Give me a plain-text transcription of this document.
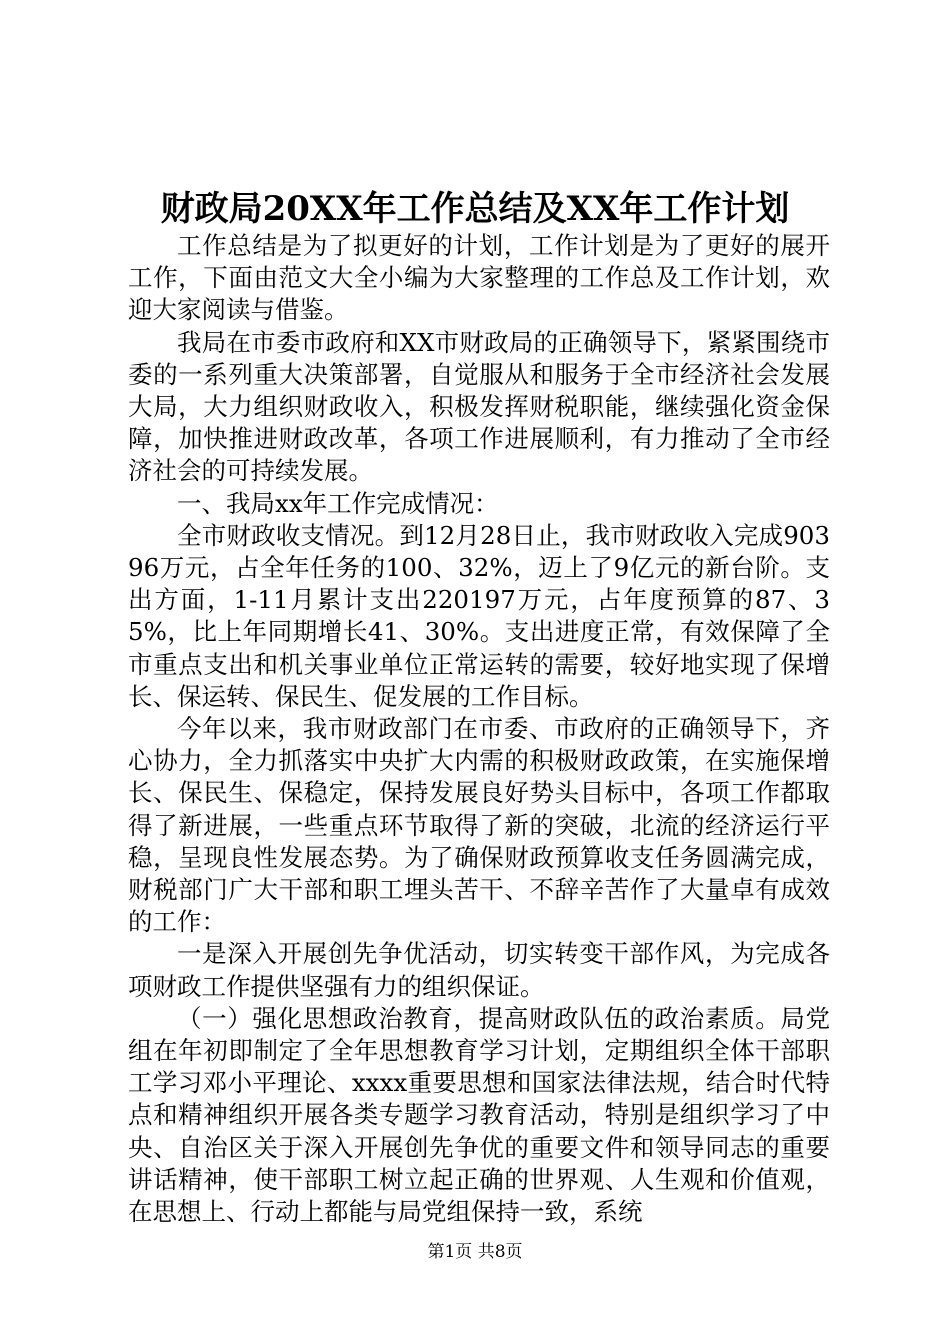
财政局20XX年工作总结及XX年工作计划

工作总结是为了拟更好的计划，工作计划是为了更好的展开工作，下面由范文大全小编为大家整理的工作总及工作计划，欢迎大家阅读与借鉴。

我局在市委市政府和XX市财政局的正确领导下，紧紧围绕市委的一系列重大决策部署，自觉服从和服务于全市经济社会发展大局，大力组织财政收入，积极发挥财税职能，继续强化资金保障，加快推进财政改革，各项工作进展顺利，有力推动了全市经济社会的可持续发展。

一、我局xx年工作完成情况：

全市财政收支情况。到12月28日止，我市财政收入完成90396万元，占全年任务的100、32%，迈上了9亿元的新台阶。支出方面，1-11月累计支出220197万元，占年度预算的87、35%，比上年同期增长41、30%。支出进度正常，有效保障了全市重点支出和机关事业单位正常运转的需要，较好地实现了保增长、保运转、保民生、促发展的工作目标。

今年以来，我市财政部门在市委、市政府的正确领导下，齐心协力，全力抓落实中央扩大内需的积极财政政策，在实施保增长、保民生、保稳定，保持发展良好势头目标中，各项工作都取得了新进展，一些重点环节取得了新的突破，北流的经济运行平稳，呈现良性发展态势。为了确保财政预算收支任务圆满完成，财税部门广大干部和职工埋头苦干、不辞辛苦作了大量卓有成效的工作：

一是深入开展创先争优活动，切实转变干部作风，为完成各项财政工作提供坚强有力的组织保证。

（一）强化思想政治教育，提高财政队伍的政治素质。局党组在年初即制定了全年思想教育学习计划，定期组织全体干部职工学习邓小平理论、xxxx重要思想和国家法律法规，结合时代特点和精神组织开展各类专题学习教育活动，特别是组织学习了中央、自治区关于深入开展创先争优的重要文件和领导同志的重要讲话精神，使干部职工树立起正确的世界观、人生观和价值观，在思想上、行动上都能与局党组保持一致，系统

第1页 共8页
